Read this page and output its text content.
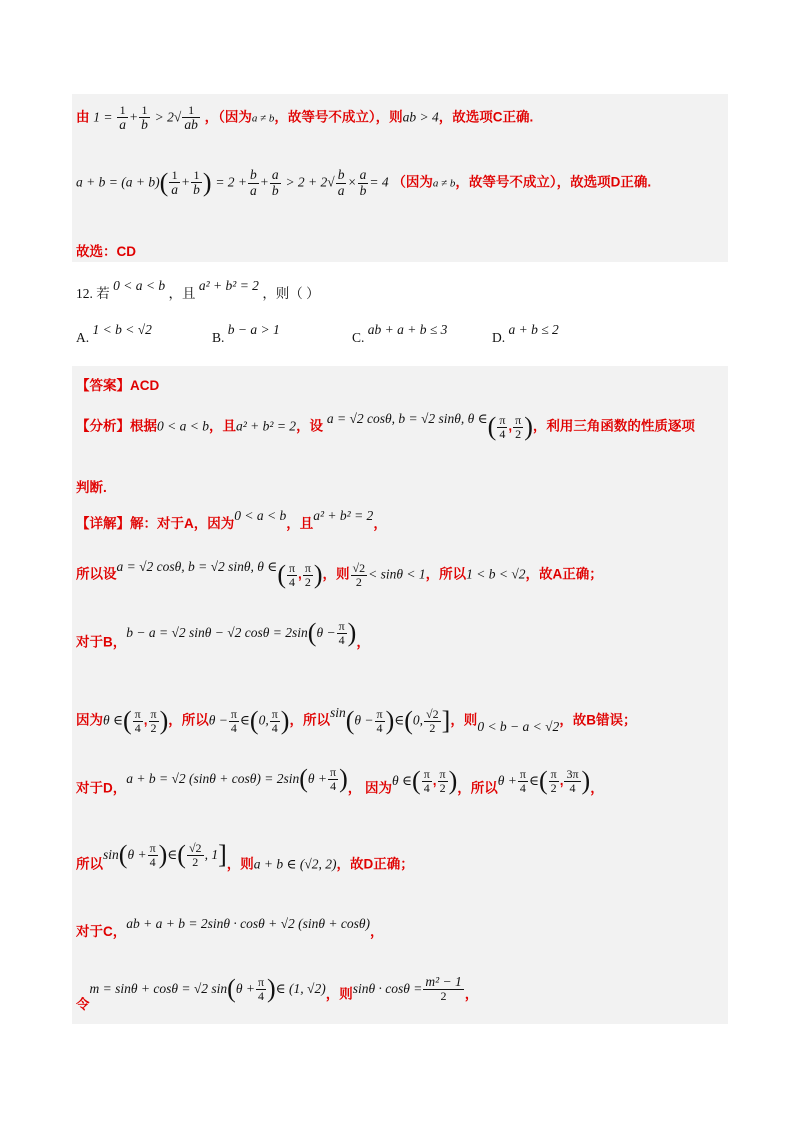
由 $1 = \frac{1}{a} + \frac{1}{b} > 2√ \frac{1}{ab}$ ，（因为a ≠ b，故等号不成立），则ab > 4，故选项C正确.
$a + b = (a + b)( \frac{1}{a} + \frac{1}{b}$ ) = $2 + \frac{b}{a} + \frac{a}{b} > 2 + 2√ \frac{b}{a} \times \frac{a}{b} = 4$ （因为a ≠ b，故等号不成立），故选项D正确.
故选：CD
12. 若 0 < a < b ，且 a² + b² = 2 ，则（ ）
A. 1 < b < √2
B. b − a > 1
C. ab + a + b ≤ 3
D. a + b ≤ 2
【答案】ACD
【分析】根据0 < a < b，且a² + b² = 2，设 a = √2 cosθ, b = √2 sinθ, θ ∈( $\frac{\pi}{4}$ , $\frac{\pi}{2}$ )，利用三角函数的性质逐项
判断.
【详解】解：对于A，因为0 < a < b，且a² + b² = 2，
所以设a = √2 cosθ, b = √2 sinθ, θ ∈( $\frac{\pi}{4}$ , $\frac{\pi}{2}$ )，则 $\frac{√2}{2} < \sin\theta < 1$，所以1 < b < √2，故A正确；
对于B，b − a = √2 sinθ − √2 $\cos\theta = 2\sin(\theta - \frac{\pi}{4}$ )，
因为θ ∈( $\frac{\pi}{4}$ , $\frac{\pi}{2}$ )，所以$\theta - \frac{\pi}{4}$ ∈(0, $\frac{\pi}{4}$ )，所以$\sin(\theta - \frac{\pi}{4}$ )∈(0, $\frac{√2}{2}$ ]，则0 < b − a < √2，故B错误；
对于D，a + b = √2 $(\sin\theta + \cos\theta) = 2\sin(\theta + \frac{\pi}{4}$ )， 因为θ ∈( $\frac{\pi}{4}$ , $\frac{\pi}{2}$ )，所以$\theta + \frac{\pi}{4}$ ∈( $\frac{\pi}{2}$ , $\frac{3\pi}{4}$ )，
所以$\sin(\theta + \frac{\pi}{4}$ )∈( $\frac{√2}{2}$ , 1]，则a + b ∈ (√2, 2)，故D正确；
对于C，ab + a + b = 2sinθ · cosθ + √2 (sinθ + cosθ)，
令m = sinθ + cosθ = √2 $\sin(\theta + \frac{\pi}{4}$ )∈ (1, √2)，则$\sin\theta \cdot \cos\theta = \frac{\text{m² − 1}}{2}$ ，
